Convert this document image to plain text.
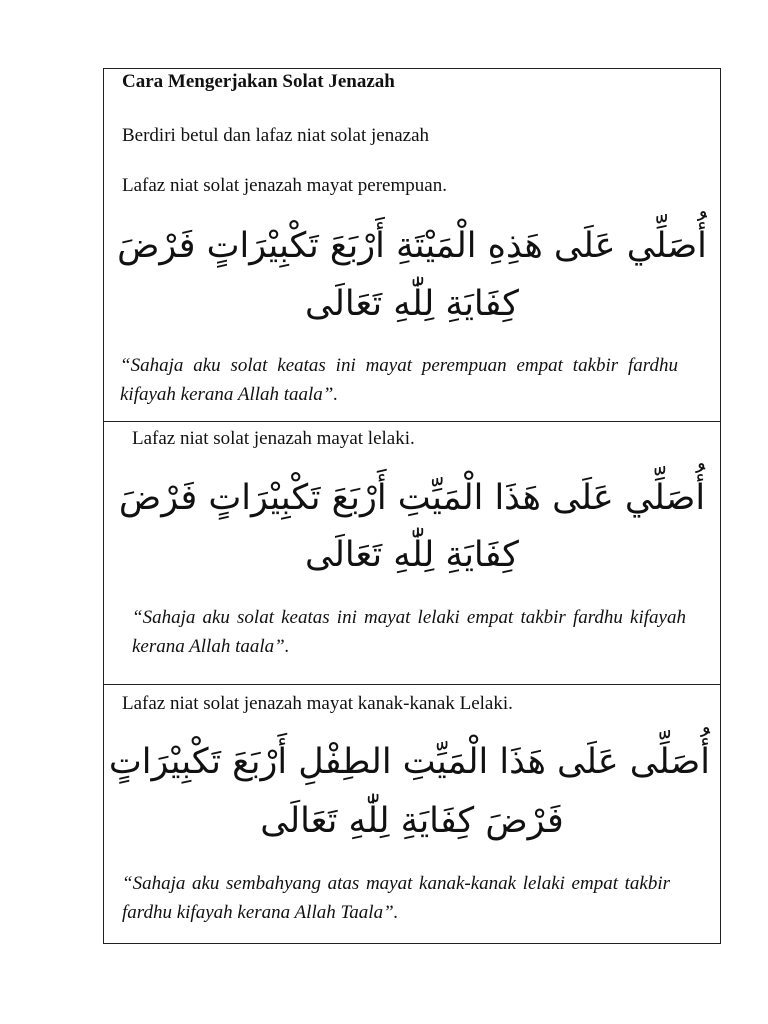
Cara Mengerjakan Solat Jenazah
Berdiri betul dan lafaz niat solat jenazah
Lafaz niat solat jenazah mayat perempuan.
أُصَلِّي عَلَى هَذِهِ الْمَيْتَةِ أَرْبَعَ تَكْبِيْرَاتٍ فَرْضَ
كِفَايَةِ لِلّٰهِ تَعَالَى
“Sahaja aku solat keatas ini mayat perempuan empat takbir fardhu kifayah kerana Allah taala”.
Lafaz niat solat jenazah mayat lelaki.
أُصَلِّي عَلَى هَذَا الْمَيِّتِ أَرْبَعَ تَكْبِيْرَاتٍ فَرْضَ
كِفَايَةِ لِلّٰهِ تَعَالَى
“Sahaja aku solat keatas ini mayat lelaki empat takbir fardhu kifayah kerana Allah taala”.
Lafaz niat solat jenazah mayat kanak-kanak Lelaki.
أُصَلِّى عَلَى هَذَا الْمَيِّتِ الطِفْلِ أَرْبَعَ تَكْبِيْرَاتٍ
فَرْضَ كِفَايَةِ لِلّٰهِ تَعَالَى
“Sahaja aku sembahyang atas mayat kanak-kanak lelaki empat takbir fardhu kifayah kerana Allah Taala”.
